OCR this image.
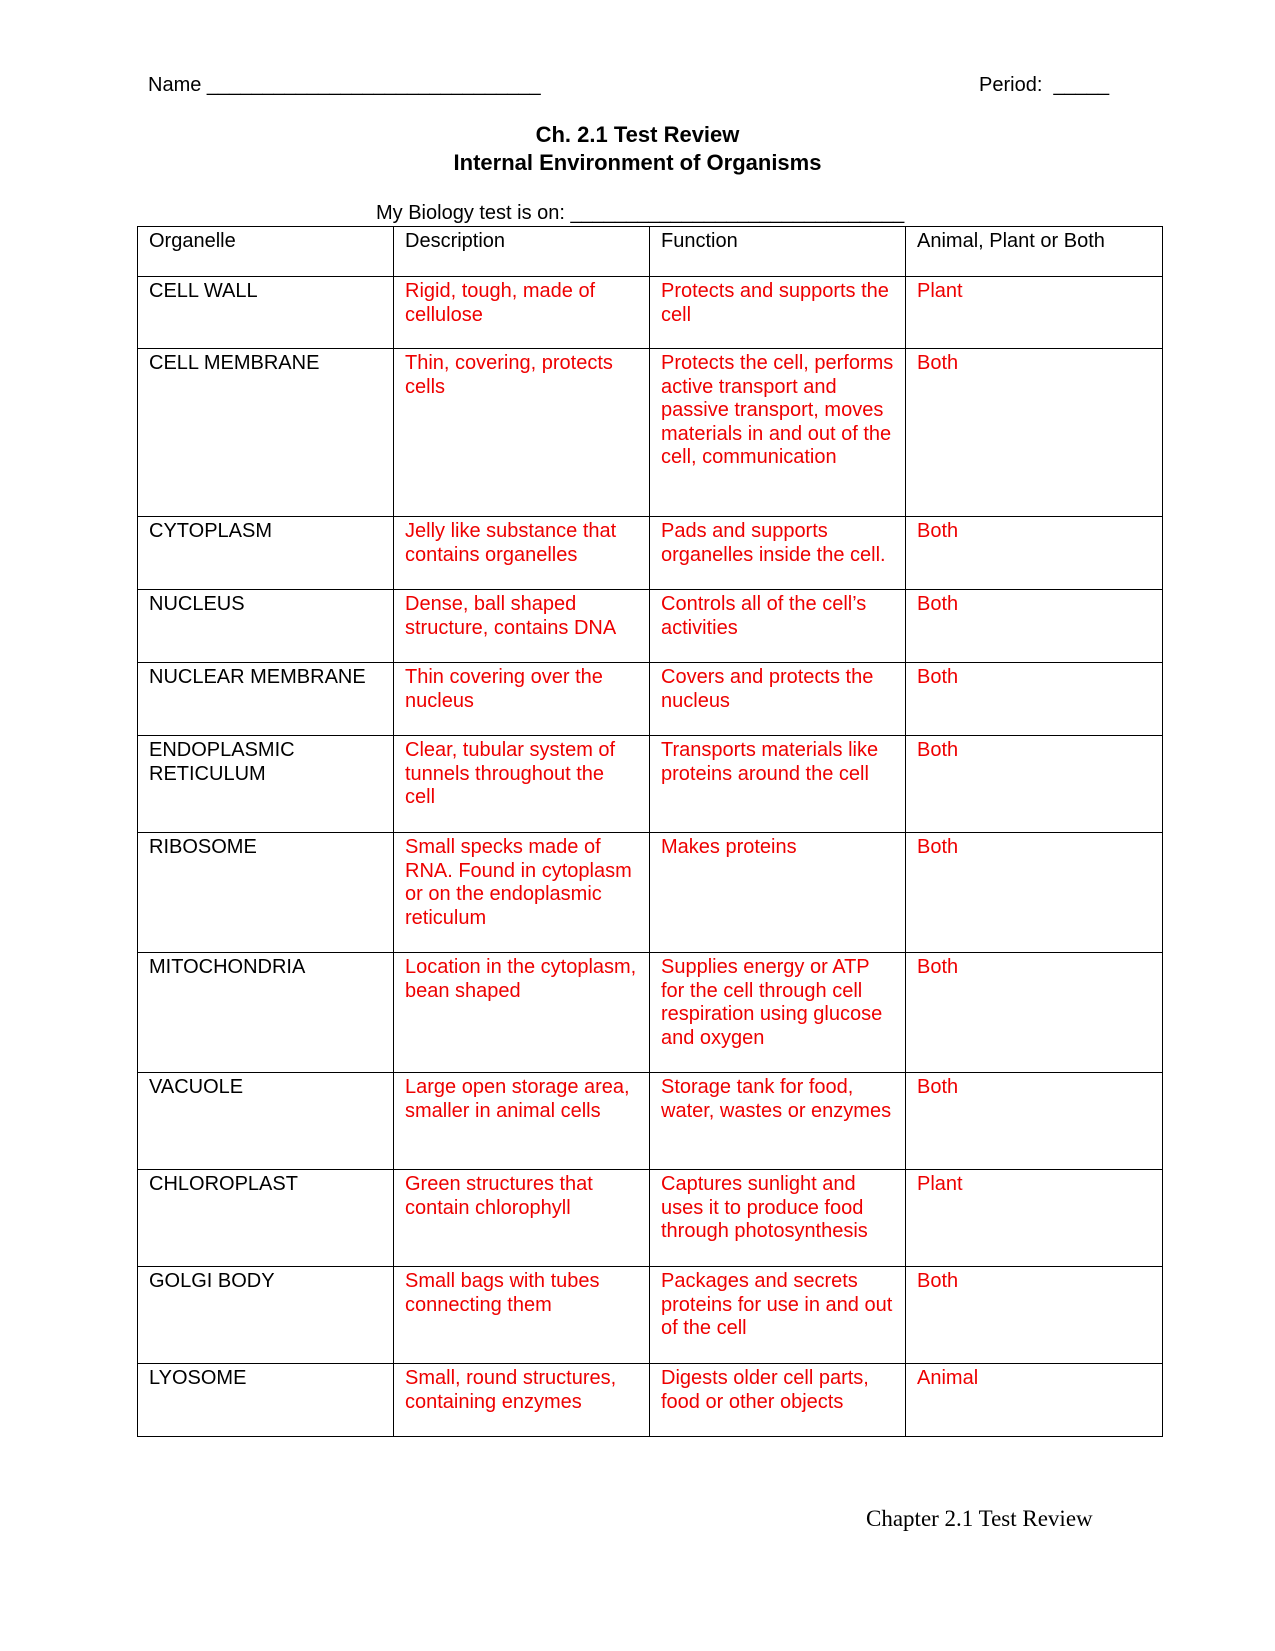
Name ______________________________	Period:  _____
Ch. 2.1 Test Review
Internal Environment of Organisms
My Biology test is on: ______________________________
Organelle	Description	Function	Animal, Plant or Both
CELL WALL	Rigid, tough, made of cellulose	Protects and supports the cell	Plant
CELL MEMBRANE	Thin, covering, protects cells	Protects the cell, performs active transport and passive transport, moves materials in and out of the cell, communication	Both
CYTOPLASM	Jelly like substance that contains organelles	Pads and supports organelles inside the cell.	Both
NUCLEUS	Dense, ball shaped structure, contains DNA	Controls all of the cell’s activities	Both
NUCLEAR MEMBRANE	Thin covering over the nucleus	Covers and protects the nucleus	Both
ENDOPLASMIC RETICULUM	Clear, tubular system of tunnels throughout the cell	Transports materials like proteins around the cell	Both
RIBOSOME	Small specks made of RNA. Found in cytoplasm or on the endoplasmic reticulum	Makes proteins	Both
MITOCHONDRIA	Location in the cytoplasm, bean shaped	Supplies energy or ATP for the cell through cell respiration using glucose and oxygen	Both
VACUOLE	Large open storage area, smaller in animal cells	Storage tank for food, water, wastes or enzymes	Both
CHLOROPLAST	Green structures that contain chlorophyll	Captures sunlight and uses it to produce food through photosynthesis	Plant
GOLGI BODY	Small bags with tubes connecting them	Packages and secrets proteins for use in and out of the cell	Both
LYOSOME	Small, round structures, containing enzymes	Digests older cell parts, food or other objects	Animal
Chapter 2.1 Test Review
